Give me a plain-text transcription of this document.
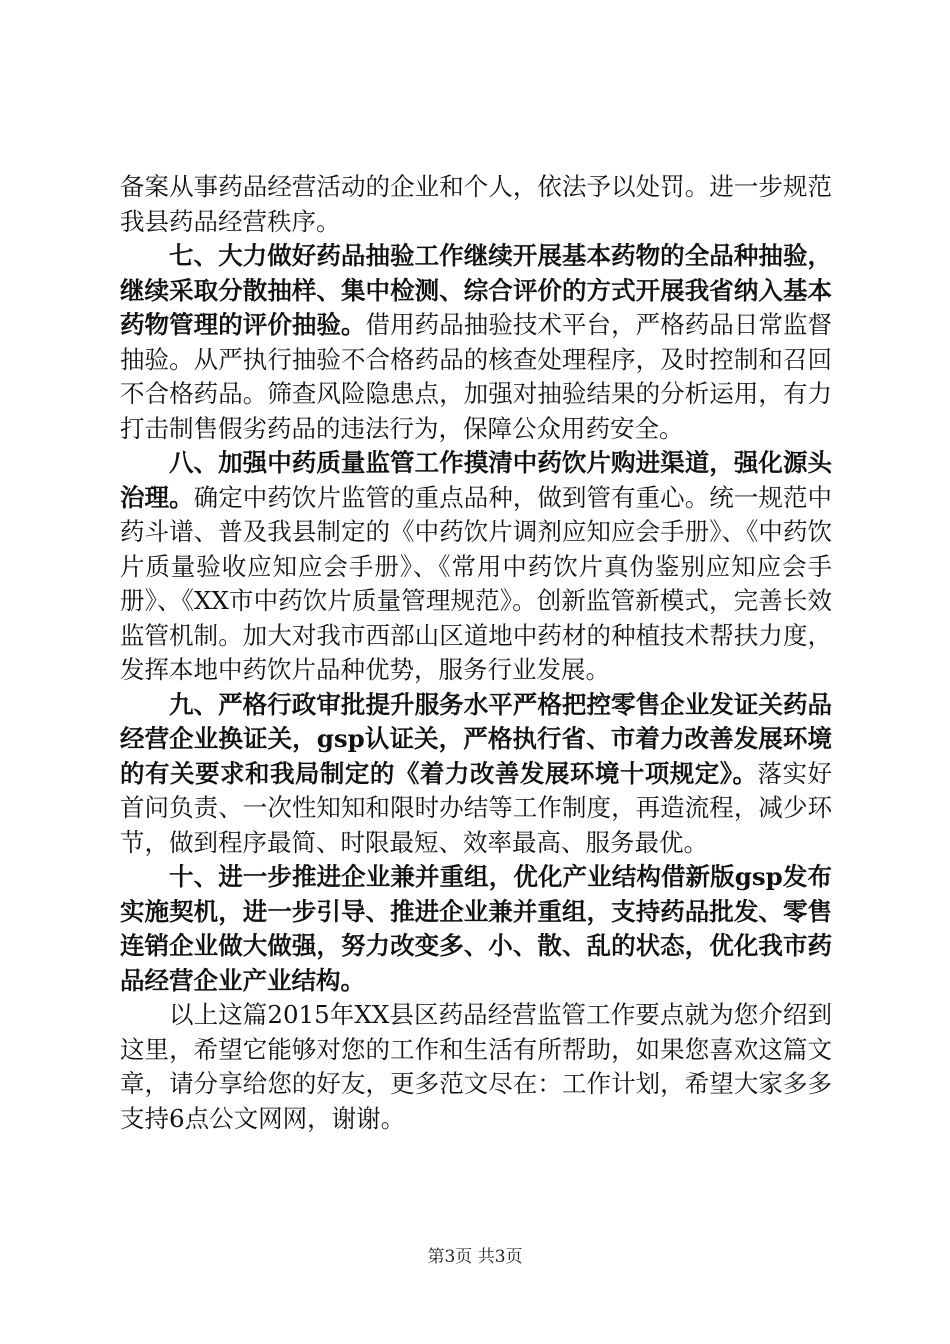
备案从事药品经营活动的企业和个人，依法予以处罚。进一步规范我县药品经营秩序。

七、大力做好药品抽验工作继续开展基本药物的全品种抽验，继续采取分散抽样、集中检测、综合评价的方式开展我省纳入基本药物管理的评价抽验。借用药品抽验技术平台，严格药品日常监督抽验。从严执行抽验不合格药品的核查处理程序，及时控制和召回不合格药品。筛查风险隐患点，加强对抽验结果的分析运用，有力打击制售假劣药品的违法行为，保障公众用药安全。

八、加强中药质量监管工作摸清中药饮片购进渠道，强化源头治理。确定中药饮片监管的重点品种，做到管有重心。统一规范中药斗谱、普及我县制定的《中药饮片调剂应知应会手册》、《中药饮片质量验收应知应会手册》、《常用中药饮片真伪鉴别应知应会手册》、《XX市中药饮片质量管理规范》。创新监管新模式，完善长效监管机制。加大对我市西部山区道地中药材的种植技术帮扶力度，发挥本地中药饮片品种优势，服务行业发展。

九、严格行政审批提升服务水平严格把控零售企业发证关药品经营企业换证关，gsp认证关，严格执行省、市着力改善发展环境的有关要求和我局制定的《着力改善发展环境十项规定》。落实好首问负责、一次性知知和限时办结等工作制度，再造流程，减少环节，做到程序最简、时限最短、效率最高、服务最优。

十、进一步推进企业兼并重组，优化产业结构借新版gsp发布实施契机，进一步引导、推进企业兼并重组，支持药品批发、零售连销企业做大做强，努力改变多、小、散、乱的状态，优化我市药品经营企业产业结构。

以上这篇2015年XX县区药品经营监管工作要点就为您介绍到这里，希望它能够对您的工作和生活有所帮助，如果您喜欢这篇文章，请分享给您的好友，更多范文尽在：工作计划，希望大家多多支持6点公文网网，谢谢。

第3页 共3页
